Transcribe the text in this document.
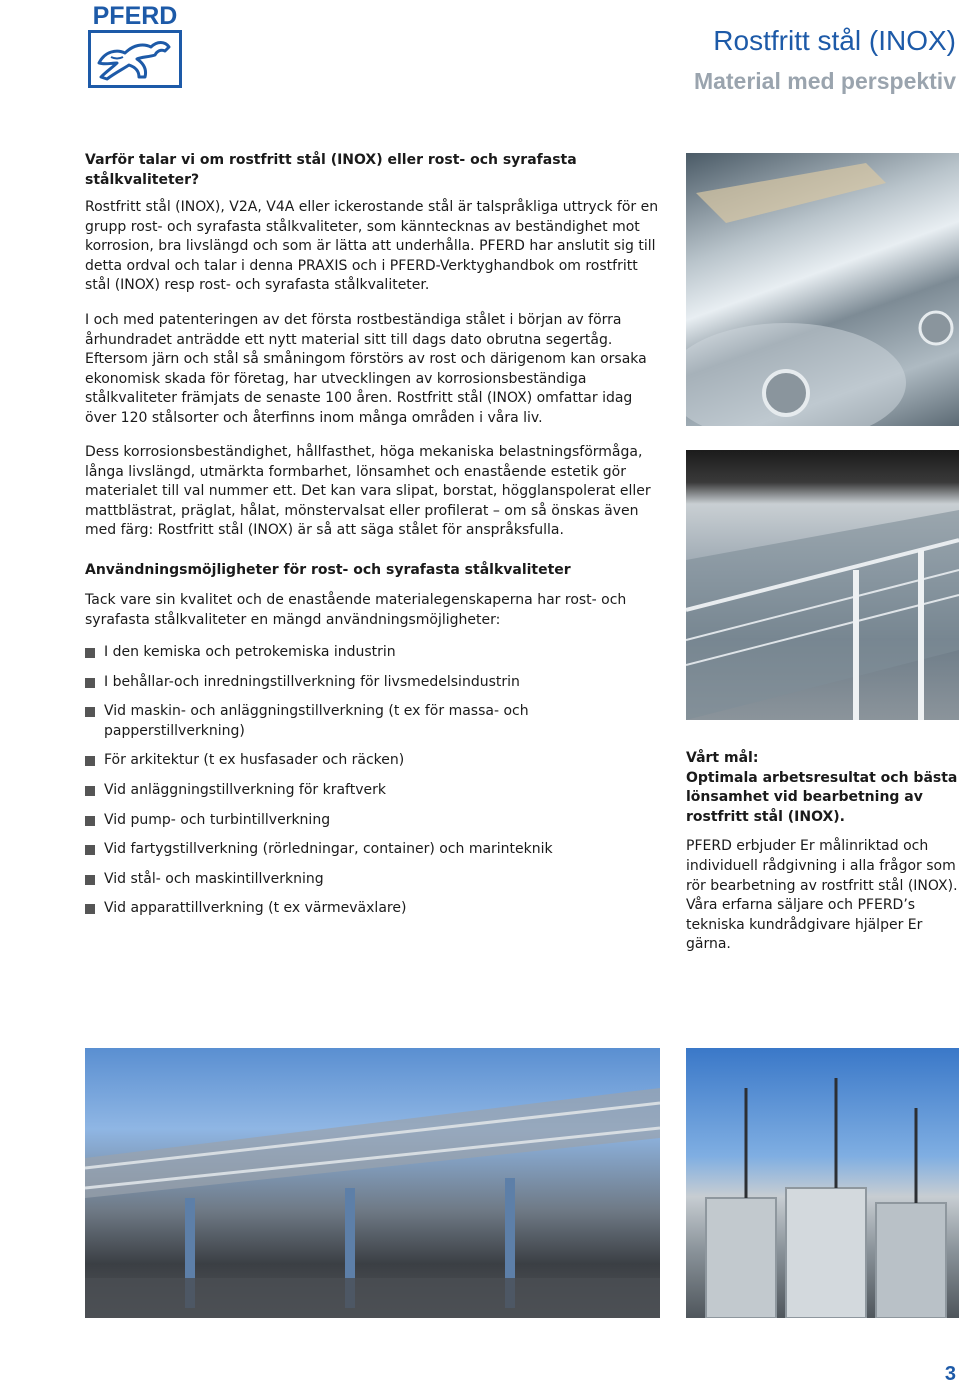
PFERD
Rostfritt stål (INOX)
Material med perspektiv
Varför talar vi om rostfritt stål (INOX) eller rost- och syrafasta stålkvaliteter?

Rostfritt stål (INOX), V2A, V4A eller ickerostande stål är talspråkliga uttryck för en grupp rost- och syrafasta stålkvaliteter, som känntecknas av beständighet mot korrosion, bra livslängd och som är lätta att underhålla. PFERD har anslutit sig till detta ordval och talar i denna PRAXIS och i PFERD-Verktyghandbok om rostfritt stål (INOX) resp rost- och syrafasta stålkvaliteter.

I och med patenteringen av det första rostbeständiga stålet i början av förra århundradet anträdde ett nytt material sitt till dags dato obrutna segertåg. Eftersom järn och stål så småningom förstörs av rost och därigenom kan orsaka ekonomisk skada för företag, har utvecklingen av korrosionsbeständiga stålkvaliteter främjats de senaste 100 åren. Rostfritt stål (INOX) omfattar idag över 120 stålsorter och återfinns inom många områden i våra liv.

Dess korrosionsbeständighet, hållfasthet, höga mekaniska belastningsförmåga, långa livslängd, utmärkta formbarhet, lönsamhet och enastående estetik gör materialet till val nummer ett. Det kan vara slipat, borstat, högglanspolerat eller mattblästrat, präglat, hålat, mönstervalsat eller profilerat – om så önskas även med färg: Rostfritt stål (INOX) är så att säga stålet för anspråksfulla.

Användningsmöjligheter för rost- och syrafasta stålkvaliteter
Tack vare sin kvalitet och de enastående materialegenskaperna har rost- och syrafasta stålkvaliteter en mängd användningsmöjligheter:
I den kemiska och petrokemiska industrin
I behållar-och inredningstillverkning för livsmedelsindustrin
Vid maskin- och anläggningstillverkning (t ex för massa- och papperstillverkning)
För arkitektur (t ex husfasader och räcken)
Vid anläggningstillverkning för kraftverk
Vid pump- och turbintillverkning
Vid fartygstillverkning (rörledningar, container) och marinteknik
Vid stål- och maskintillverkning
Vid apparattillverkning (t ex värmeväxlare)

Vårt mål:

Optimala arbetsresultat och bästa lönsamhet vid bearbetning av rostfritt stål (INOX).

PFERD erbjuder Er målinriktad och individuell rådgivning i alla frågor som rör bearbetning av rostfritt stål (INOX). Våra erfarna säljare och PFERD’s tekniska kundrådgivare hjälper Er gärna.

3
